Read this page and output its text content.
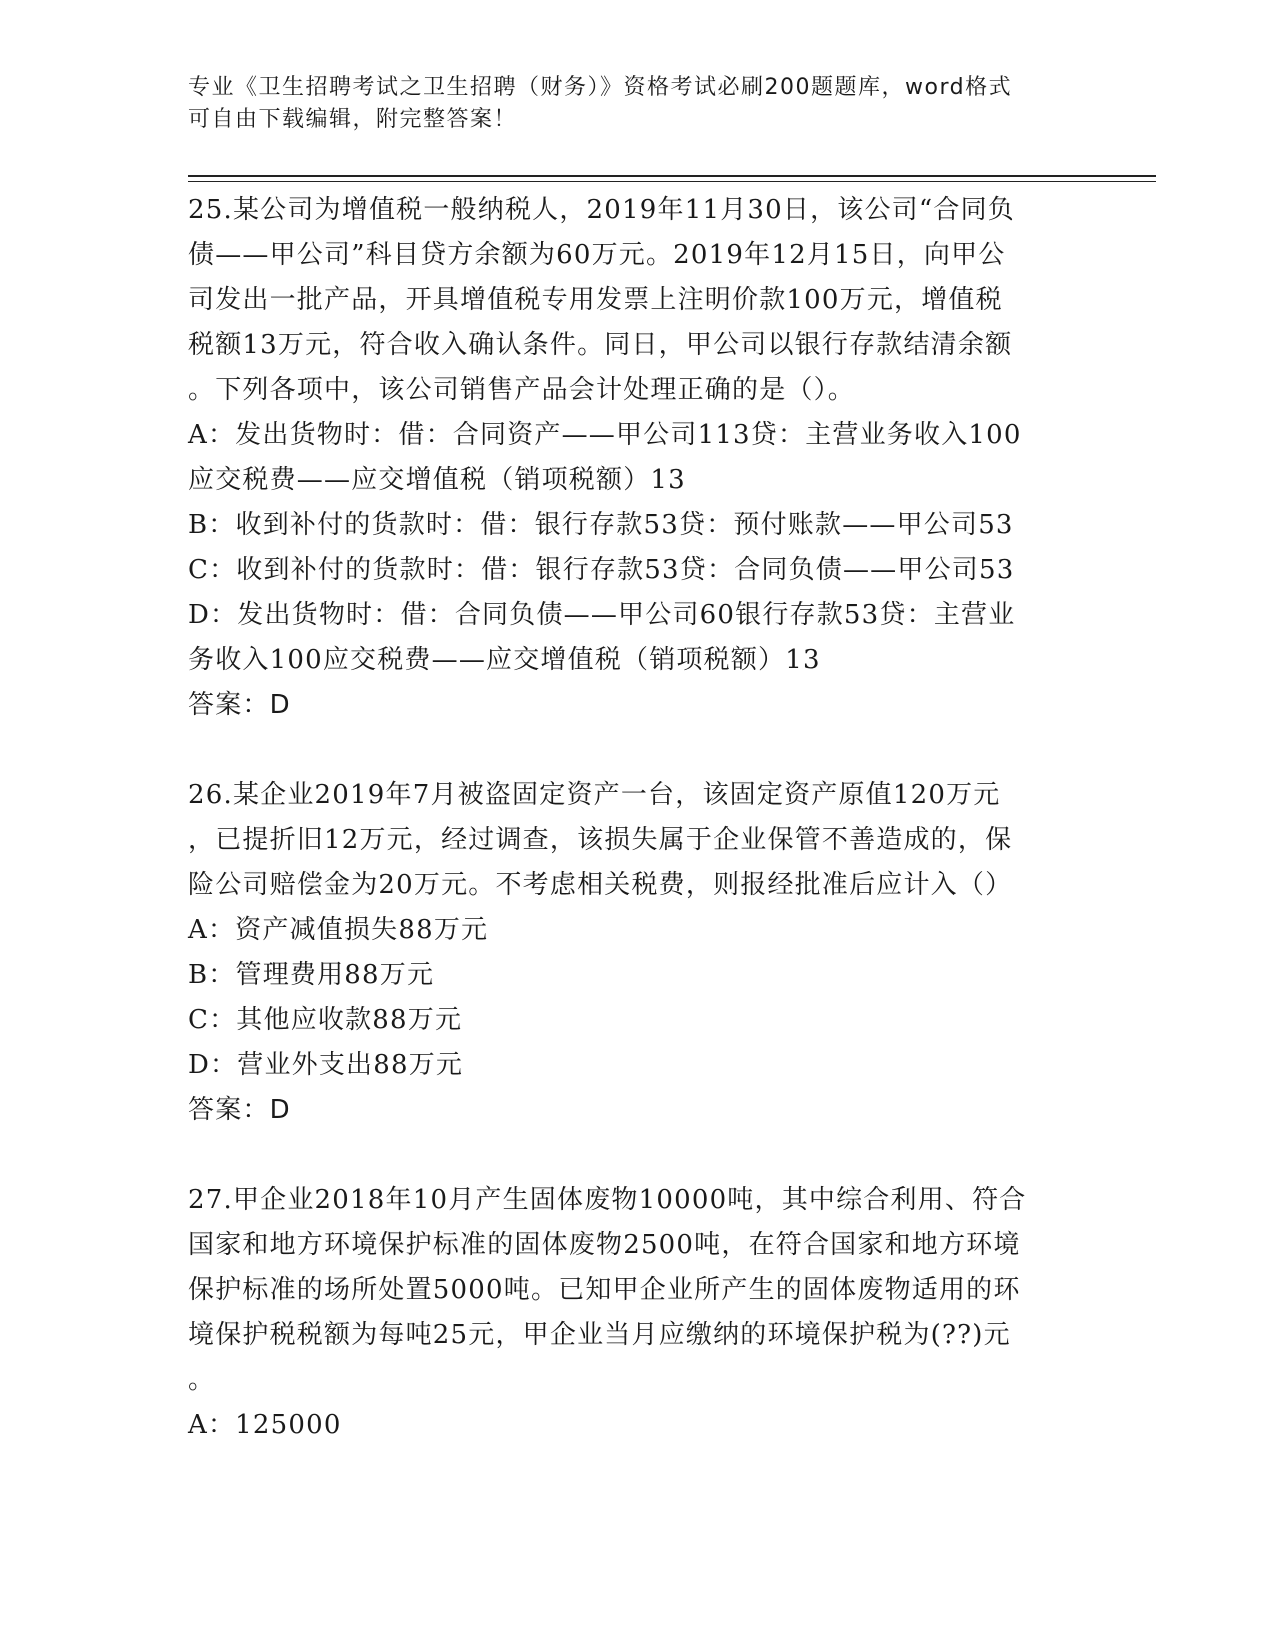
专业《卫生招聘考试之卫生招聘（财务）》资格考试必刷200题题库，word格式
可自由下载编辑，附完整答案！
25.某公司为增值税一般纳税人，2019年11月30日，该公司“合同负
债——甲公司”科目贷方余额为60万元。2019年12月15日，向甲公
司发出一批产品，开具增值税专用发票上注明价款100万元，增值税
税额13万元，符合收入确认条件。同日，甲公司以银行存款结清余额
。下列各项中，该公司销售产品会计处理正确的是（）。
A：发出货物时：借：合同资产——甲公司113贷：主营业务收入100
应交税费——应交增值税（销项税额）13
B：收到补付的货款时：借：银行存款53贷：预付账款——甲公司53
C：收到补付的货款时：借：银行存款53贷：合同负债——甲公司53
D：发出货物时：借：合同负债——甲公司60银行存款53贷：主营业
务收入100应交税费——应交增值税（销项税额）13
答案：D
26.某企业2019年7月被盗固定资产一台，该固定资产原值120万元
，已提折旧12万元，经过调查，该损失属于企业保管不善造成的，保
险公司赔偿金为20万元。不考虑相关税费，则报经批准后应计入（）
A：资产减值损失88万元
B：管理费用88万元
C：其他应收款88万元
D：营业外支出88万元
答案：D
27.甲企业2018年10月产生固体废物10000吨，其中综合利用、符合
国家和地方环境保护标准的固体废物2500吨，在符合国家和地方环境
保护标准的场所处置5000吨。已知甲企业所产生的固体废物适用的环
境保护税税额为每吨25元，甲企业当月应缴纳的环境保护税为(??)元
。
A：125000
